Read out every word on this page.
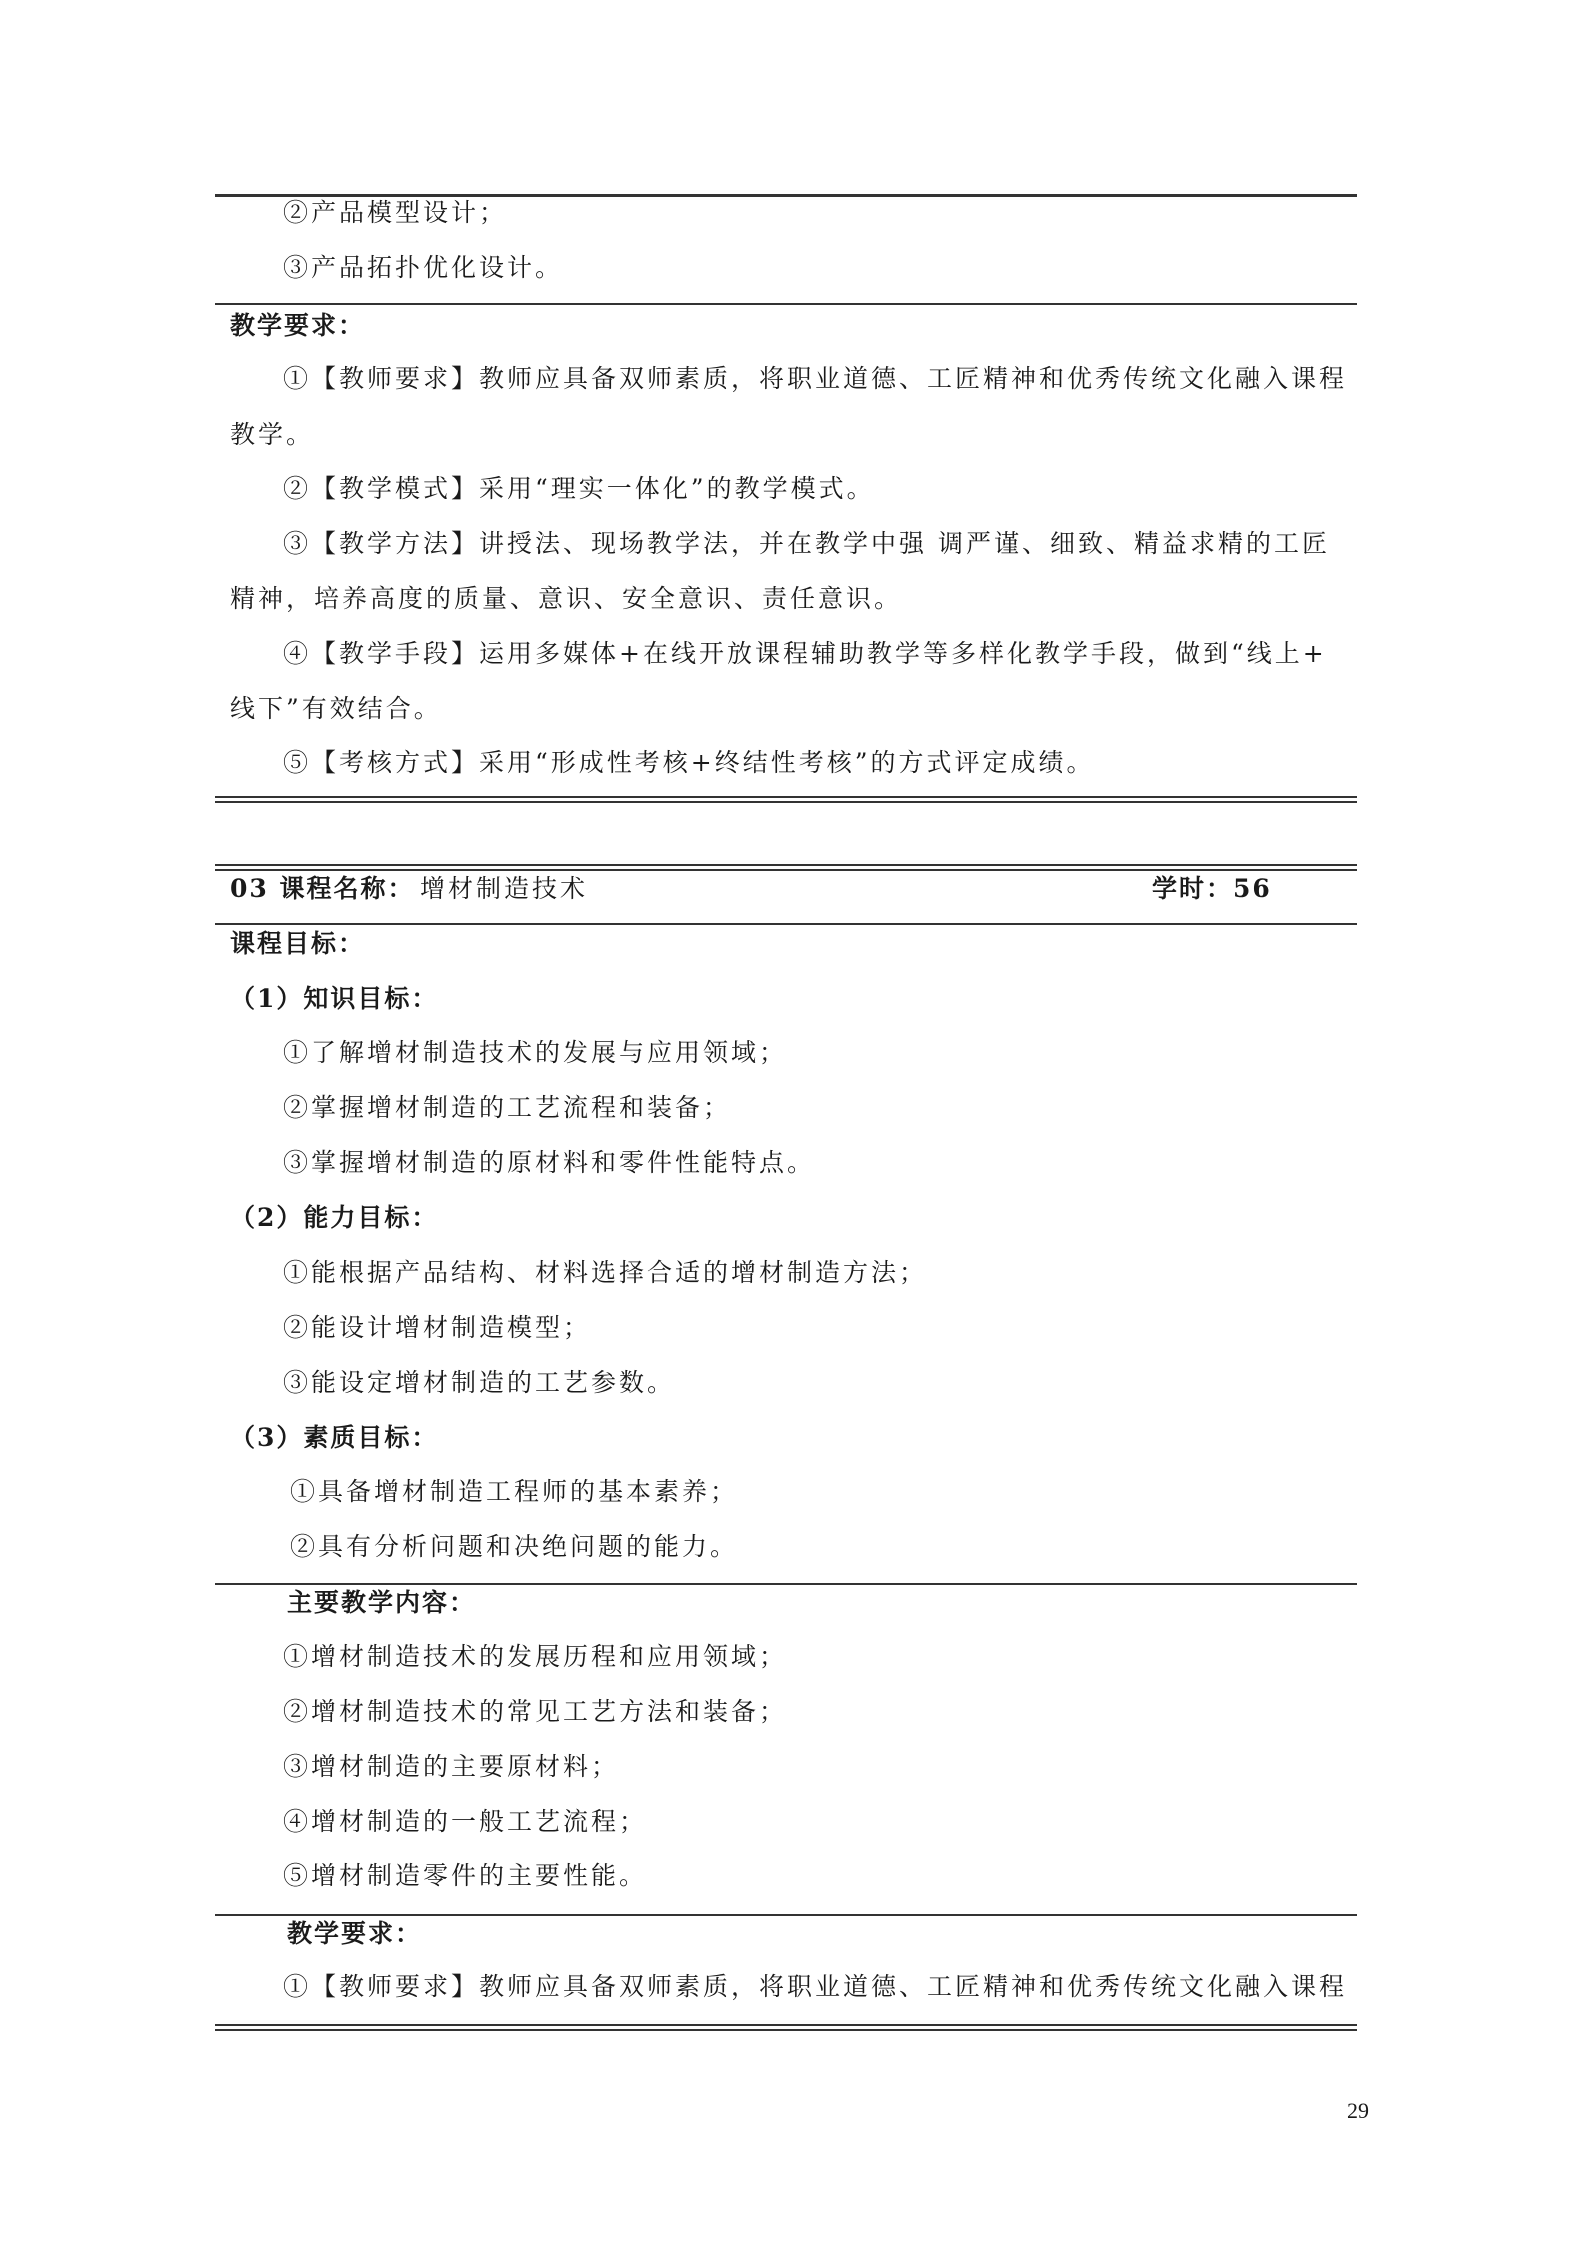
②产品模型设计；
③产品拓扑优化设计。
教学要求：
①【教师要求】教师应具备双师素质，将职业道德、工匠精神和优秀传统文化融入课程
教学。
②【教学模式】采用“理实一体化”的教学模式。
③【教学方法】讲授法、现场教学法，并在教学中强 调严谨、细致、精益求精的工匠
精神，培养高度的质量、意识、安全意识、责任意识。
④【教学手段】运用多媒体+在线开放课程辅助教学等多样化教学手段，做到“线上+
线下”有效结合。
⑤【考核方式】采用“形成性考核+终结性考核”的方式评定成绩。
03 课程名称： 增材制造技术	学时：56
课程目标：
（1）知识目标：
①了解增材制造技术的发展与应用领域；
②掌握增材制造的工艺流程和装备；
③掌握增材制造的原材料和零件性能特点。
（2）能力目标：
①能根据产品结构、材料选择合适的增材制造方法；
②能设计增材制造模型；
③能设定增材制造的工艺参数。
（3）素质目标：
①具备增材制造工程师的基本素养；
②具有分析问题和决绝问题的能力。
主要教学内容：
①增材制造技术的发展历程和应用领域；
②增材制造技术的常见工艺方法和装备；
③增材制造的主要原材料；
④增材制造的一般工艺流程；
⑤增材制造零件的主要性能。
教学要求：
①【教师要求】教师应具备双师素质，将职业道德、工匠精神和优秀传统文化融入课程
29
